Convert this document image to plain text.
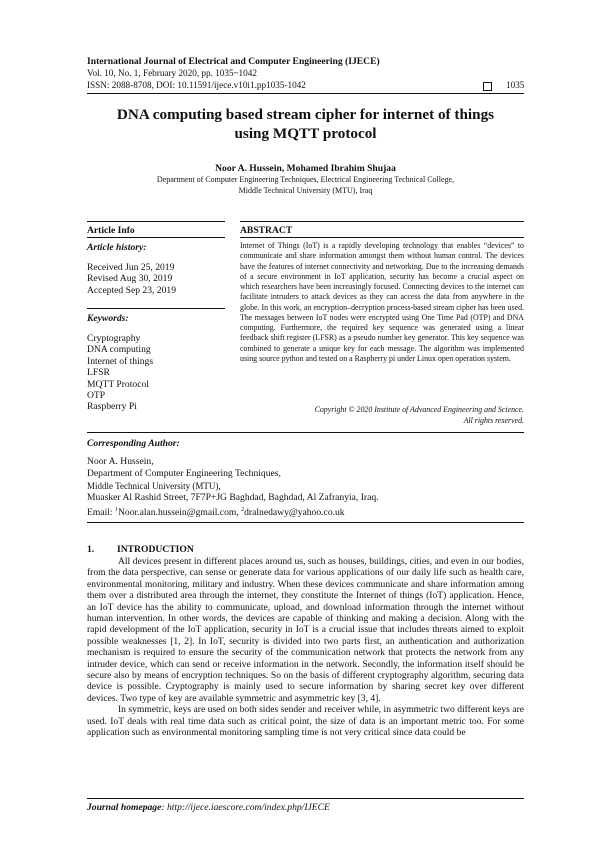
International Journal of Electrical and Computer Engineering (IJECE)
Vol. 10, No. 1, February 2020, pp. 1035~1042
ISSN: 2088-8708, DOI: 10.11591/ijece.v10i1.pp1035-1042	1035
DNA computing based stream cipher for internet of things
using MQTT protocol
Noor A. Hussein, Mohamed Ibrahim Shujaa
Department of Computer Engineering Techniques, Electrical Engineering Technical College,
Middle Technical University (MTU), Iraq
Article Info	ABSTRACT
Article history:
Received Jun 25, 2019
Revised Aug 30, 2019
Accepted Sep 23, 2019
Keywords:
Cryptography
DNA computing
Internet of things
LFSR
MQTT Protocol
OTP
Raspberry Pi
Internet of Things (IoT) is a rapidly developing technology that enables “devices” to communicate and share information amongst them without human control. The devices have the features of internet connectivity and networking. Due to the increasing demands of a secure environment in IoT application, security has become a crucial aspect on which researchers have been increasingly focused. Connecting devices to the internet can facilitate intruders to attack devices as they can access the data from anywhere in the globe. In this work, an encryption–decryption process-based stream cipher has been used. The messages between IoT nodes were encrypted using One Time Pad (OTP) and DNA computing. Furthermore, the required key sequence was generated using a linear feedback shift register (LFSR) as a pseudo number key generator. This key sequence was combined to generate a unique key for each message. The algorithm was implemented using source python and tested on a Raspberry pi under Linux open operation system.
Copyright © 2020 Institute of Advanced Engineering and Science.
All rights reserved.
Corresponding Author:
Noor A. Hussein,
Department of Computer Engineering Techniques,
Middle Technical University (MTU),
Muasker Al Rashid Street, 7F7P+JG Baghdad, Baghdad, Al Zafranyia, Iraq.
Email: $^1$Noor.alan.hussein@gmail.com, $^2$dralnedawy@yahoo.co.uk
1. INTRODUCTION

All devices present in different places around us, such as houses, buildings, cities, and even in our bodies, from the data perspective, can sense or generate data for various applications of our daily life such as health care, environmental monitoring, military and industry. When these devices communicate and share information among them over a distributed area through the internet, they constitute the Internet of things (IoT) application. Hence, an IoT device has the ability to communicate, upload, and download information through the internet without human intervention. In other words, the devices are capable of thinking and making a decision. Along with the rapid development of the IoT application, security in IoT is a crucial issue that includes threats aimed to exploit possible weaknesses [1, 2]. In IoT, security is divided into two parts first, an authentication and authorization mechanism is required to ensure the security of the communication network that protects the network from any intruder device, which can send or receive information in the network. Secondly, the information itself should be secure also by means of encryption techniques. So on the basis of different cryptography algorithm, securing data device is possible. Cryptography is mainly used to secure information by sharing secret key over different devices. Two type of key are available symmetric and asymmetric key [3, 4].

In symmetric, keys are used on both sides sender and receiver while, in asymmetric two different keys are used. IoT deals with real time data such as critical point, the size of data is an important metric too. For some application such as environmental monitoring sampling time is not very critical since data could be

Journal homepage: http://ijece.iaescore.com/index.php/IJECE
